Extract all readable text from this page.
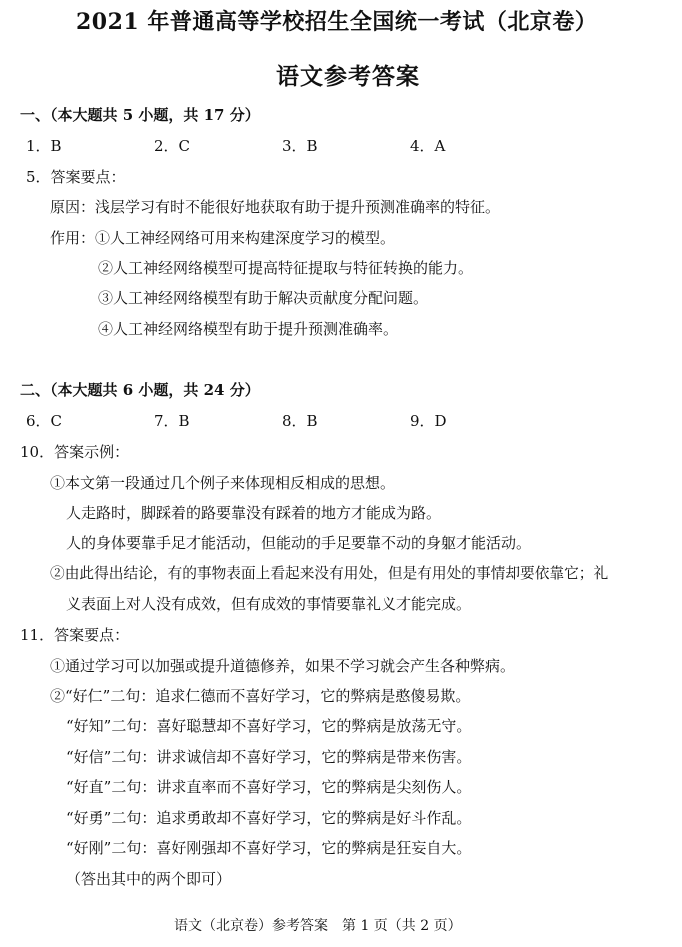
2021 年普通高等学校招生全国统一考试（北京卷）
语文参考答案
一、（本大题共 5 小题，共 17 分）
1．B	2．C	3．B	4．A
5．答案要点：
原因：浅层学习有时不能很好地获取有助于提升预测准确率的特征。
作用：①人工神经网络可用来构建深度学习的模型。
②人工神经网络模型可提高特征提取与特征转换的能力。
③人工神经网络模型有助于解决贡献度分配问题。
④人工神经网络模型有助于提升预测准确率。
二、（本大题共 6 小题，共 24 分）
6．C	7．B	8．B	9．D
10．答案示例：
①本文第一段通过几个例子来体现相反相成的思想。
人走路时，脚踩着的路要靠没有踩着的地方才能成为路。
人的身体要靠手足才能活动，但能动的手足要靠不动的身躯才能活动。
②由此得出结论，有的事物表面上看起来没有用处，但是有用处的事情却要依靠它；礼
义表面上对人没有成效，但有成效的事情要靠礼义才能完成。
11．答案要点：
①通过学习可以加强或提升道德修养，如果不学习就会产生各种弊病。
②“好仁”二句：追求仁德而不喜好学习，它的弊病是憨傻易欺。
“好知”二句：喜好聪慧却不喜好学习，它的弊病是放荡无守。
“好信”二句：讲求诚信却不喜好学习，它的弊病是带来伤害。
“好直”二句：讲求直率而不喜好学习，它的弊病是尖刻伤人。
“好勇”二句：追求勇敢却不喜好学习，它的弊病是好斗作乱。
“好刚”二句：喜好刚强却不喜好学习，它的弊病是狂妄自大。
（答出其中的两个即可）
语文（北京卷）参考答案　第 1 页（共 2 页）
